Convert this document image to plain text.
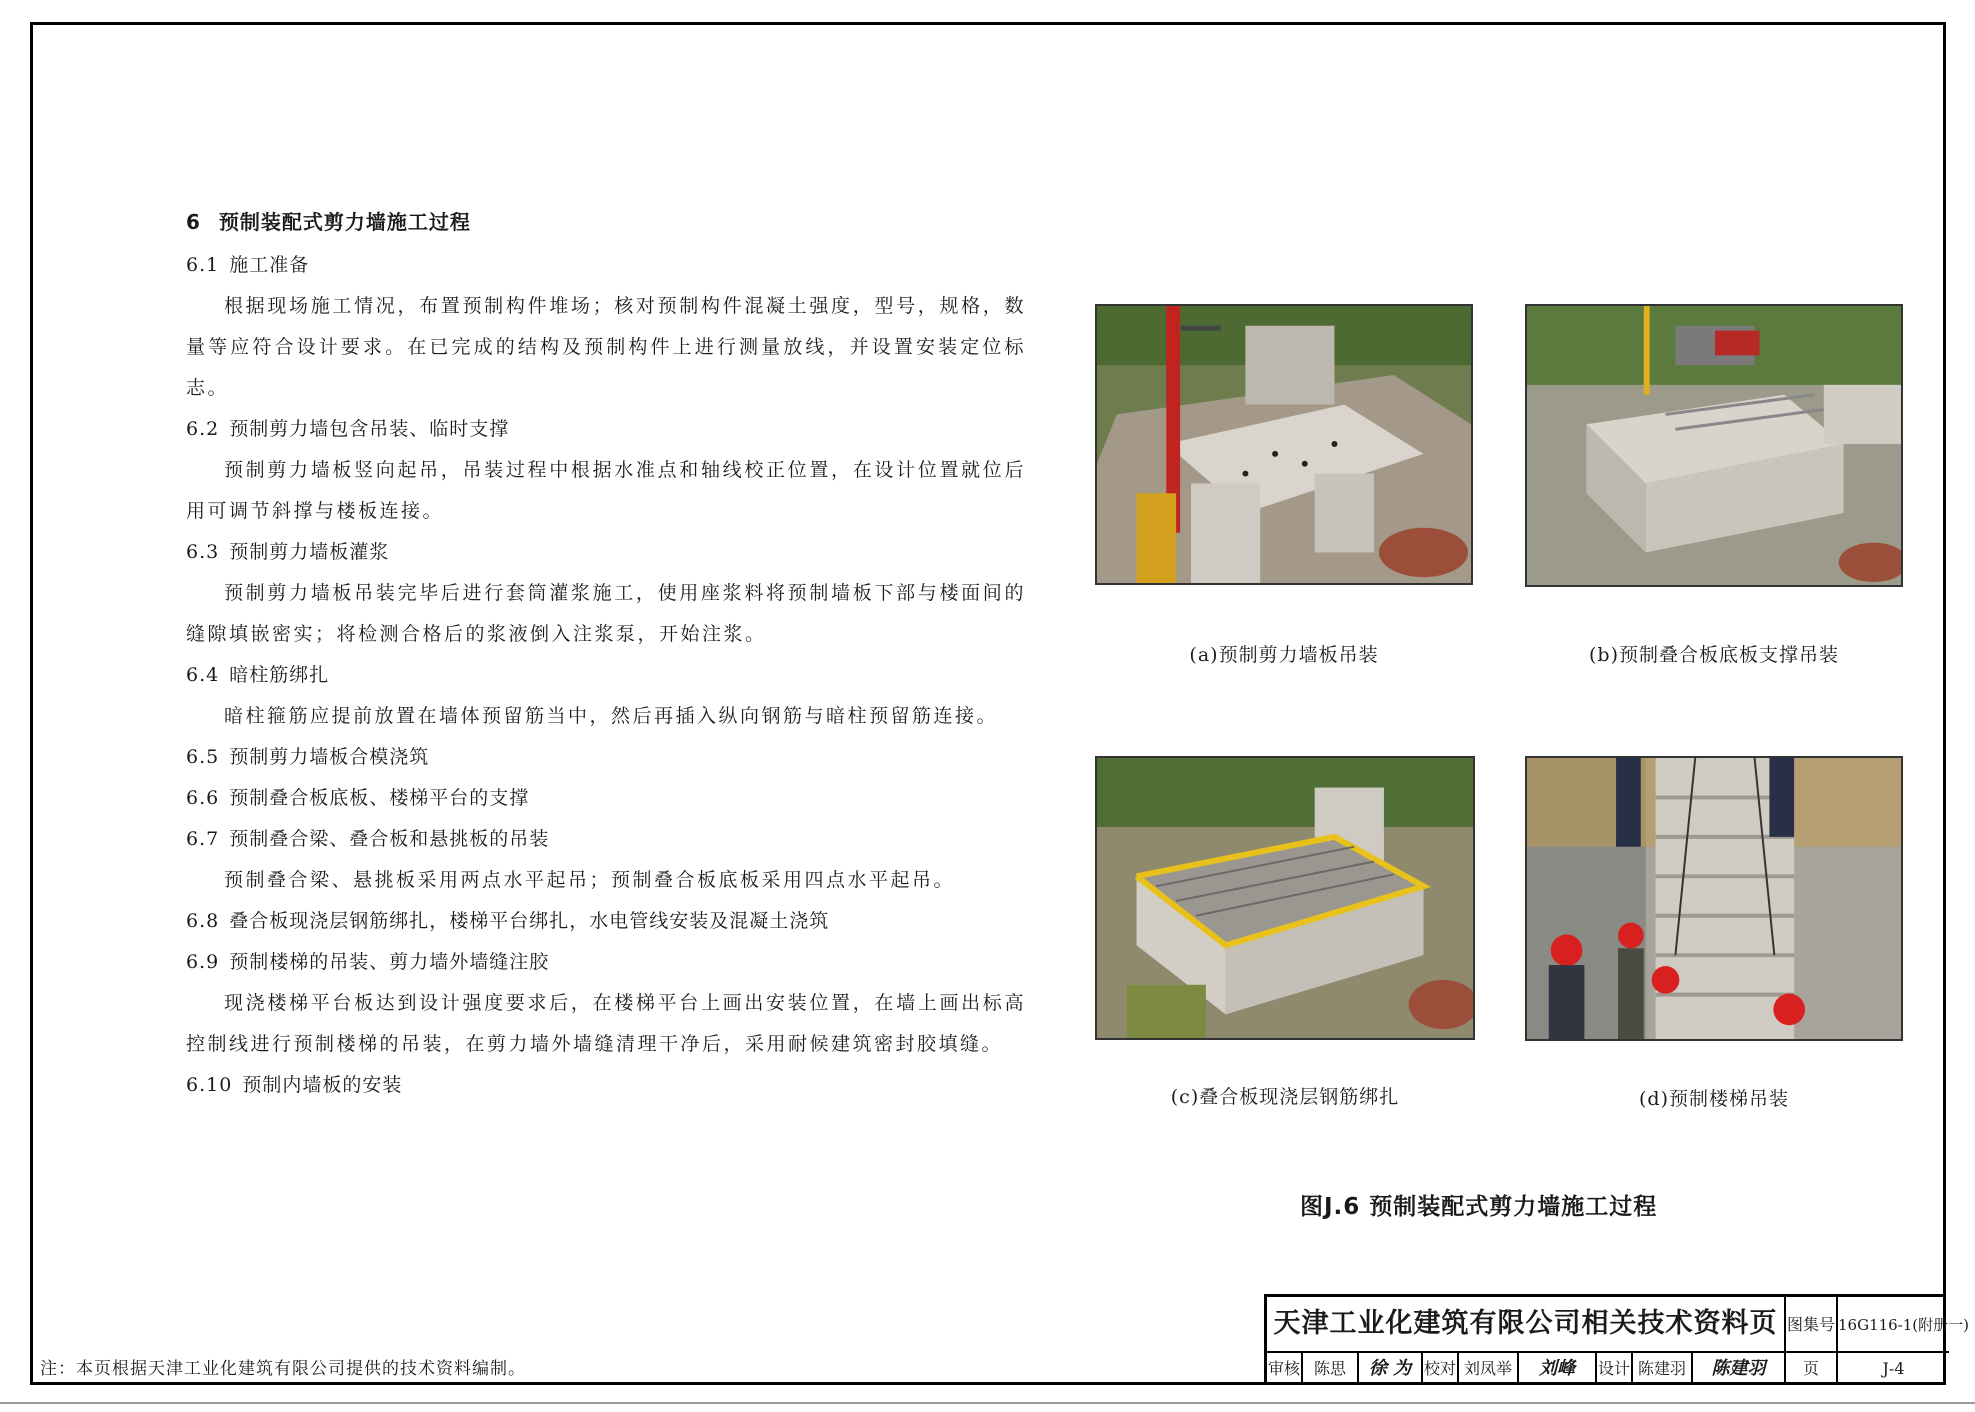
6 预制装配式剪力墙施工过程
6.1 施工准备

根据现场施工情况，布置预制构件堆场；核对预制构件混凝土强度，型号，规格，数量等应符合设计要求。在已完成的结构及预制构件上进行测量放线，并设置安装定位标志。

6.2 预制剪力墙包含吊装、临时支撑

预制剪力墙板竖向起吊，吊装过程中根据水准点和轴线校正位置，在设计位置就位后用可调节斜撑与楼板连接。

6.3 预制剪力墙板灌浆

预制剪力墙板吊装完毕后进行套筒灌浆施工，使用座浆料将预制墙板下部与楼面间的缝隙填嵌密实；将检测合格后的浆液倒入注浆泵，开始注浆。

6.4 暗柱筋绑扎

暗柱箍筋应提前放置在墙体预留筋当中，然后再插入纵向钢筋与暗柱预留筋连接。

6.5 预制剪力墙板合模浇筑
6.6 预制叠合板底板、楼梯平台的支撑
6.7 预制叠合梁、叠合板和悬挑板的吊装

预制叠合梁、悬挑板采用两点水平起吊；预制叠合板底板采用四点水平起吊。

6.8 叠合板现浇层钢筋绑扎，楼梯平台绑扎，水电管线安装及混凝土浇筑
6.9 预制楼梯的吊装、剪力墙外墙缝注胶

现浇楼梯平台板达到设计强度要求后，在楼梯平台上画出安装位置，在墙上画出标高控制线进行预制楼梯的吊装，在剪力墙外墙缝清理干净后，采用耐候建筑密封胶填缝。

6.10 预制内墙板的安装
(a)预制剪力墙板吊装	(b)预制叠合板底板支撑吊装
(c)叠合板现浇层钢筋绑扎	(d)预制楼梯吊装
图J.6 预制装配式剪力墙施工过程
注：本页根据天津工业化建筑有限公司提供的技术资料编制。
天津工业化建筑有限公司相关技术资料页 图集号 16G116-1(附册一)
审核 陈思	徐 为 校对 刘凤举	刘峰	设计 陈建羽	陈建羽	页	J-4
